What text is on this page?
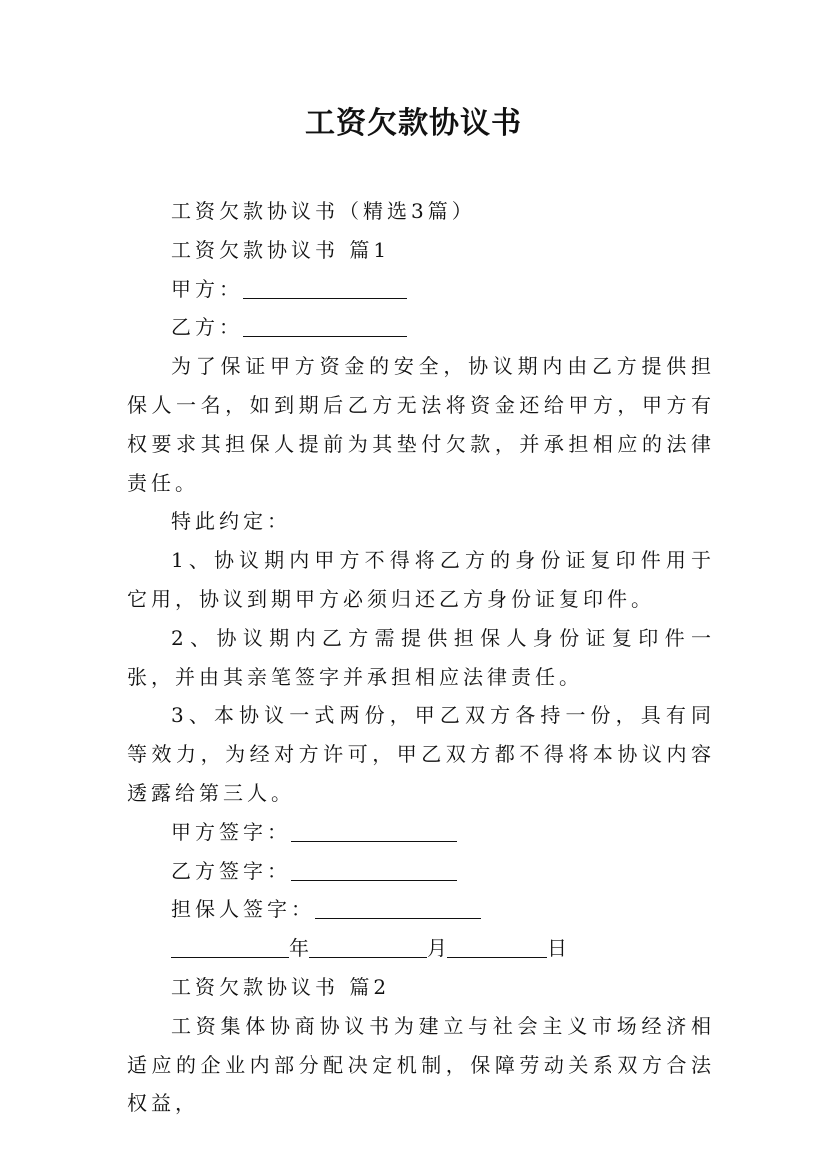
工资欠款协议书

工资欠款协议书（精选3篇）

工资欠款协议书 篇1

甲方：

乙方：

为了保证甲方资金的安全，协议期内由乙方提供担保人一名，如到期后乙方无法将资金还给甲方，甲方有权要求其担保人提前为其垫付欠款，并承担相应的法律责任。

特此约定：

1、协议期内甲方不得将乙方的身份证复印件用于它用，协议到期甲方必须归还乙方身份证复印件。

2、协议期内乙方需提供担保人身份证复印件一张，并由其亲笔签字并承担相应法律责任。

3、本协议一式两份，甲乙双方各持一份，具有同等效力，为经对方许可，甲乙双方都不得将本协议内容透露给第三人。

甲方签字：

乙方签字：

担保人签字：

年	月	日

工资欠款协议书 篇2

工资集体协商协议书为建立与社会主义市场经济相适应的企业内部分配决定机制，保障劳动关系双方合法权益，
